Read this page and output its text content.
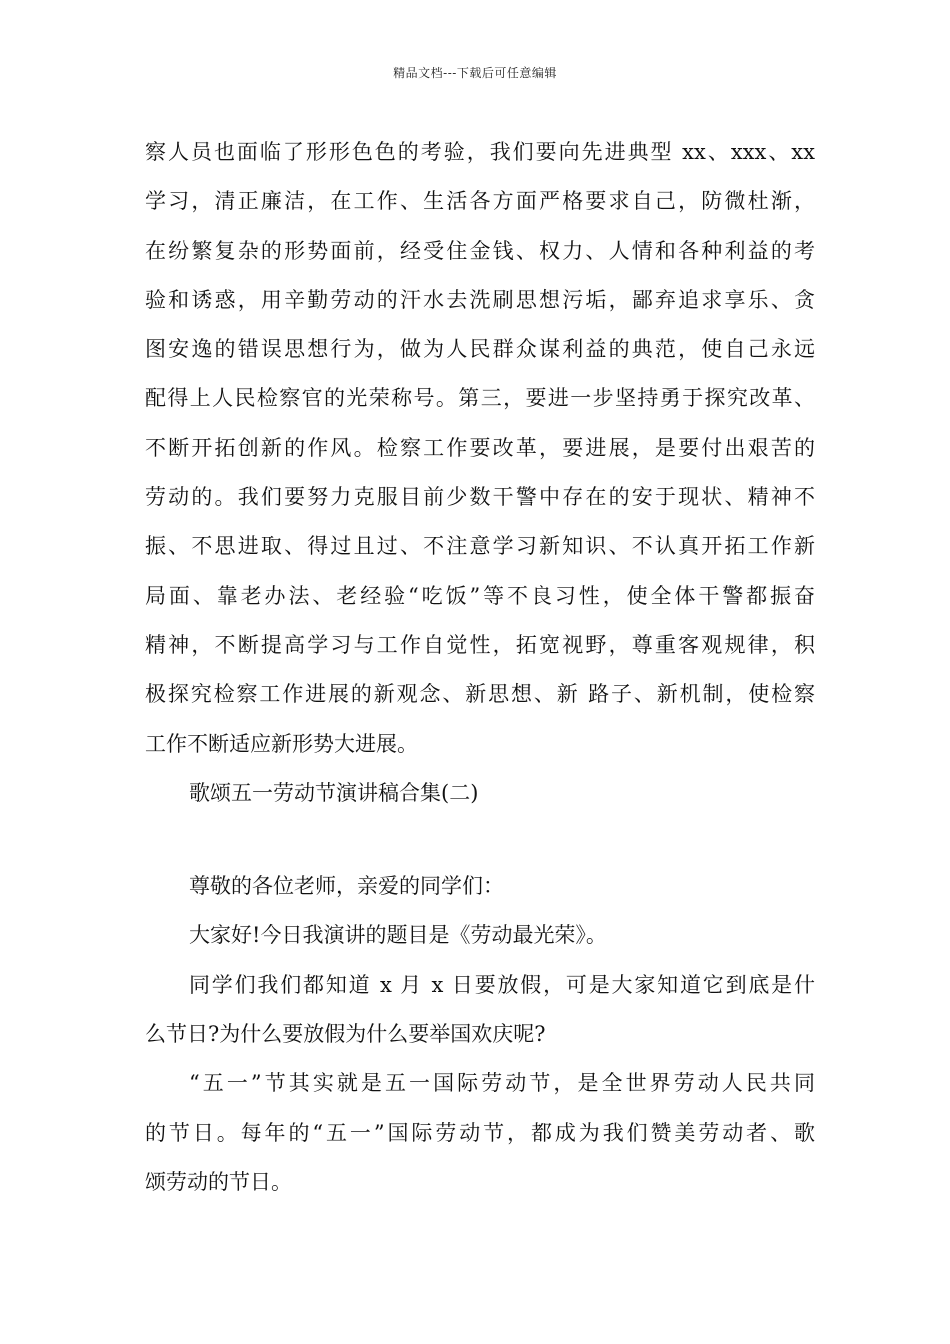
精品文档---下载后可任意编辑
察人员也面临了形形色色的考验，我们要向先进典型 xx、xxx、xx
学习，清正廉洁，在工作、生活各方面严格要求自己，防微杜渐，
在纷繁复杂的形势面前，经受住金钱、权力、人情和各种利益的考
验和诱惑，用辛勤劳动的汗水去洗刷思想污垢，鄙弃追求享乐、贪
图安逸的错误思想行为，做为人民群众谋利益的典范，使自己永远
配得上人民检察官的光荣称号。第三，要进一步坚持勇于探究改革、
不断开拓创新的作风。检察工作要改革，要进展，是要付出艰苦的
劳动的。我们要努力克服目前少数干警中存在的安于现状、精神不
振、不思进取、得过且过、不注意学习新知识、不认真开拓工作新
局面、靠老办法、老经验“吃饭”等不良习性，使全体干警都振奋
精神，不断提高学习与工作自觉性，拓宽视野，尊重客观规律，积
极探究检察工作进展的新观念、新思想、新 路子、新机制，使检察
工作不断适应新形势大进展。
歌颂五一劳动节演讲稿合集(二)
尊敬的各位老师，亲爱的同学们：
大家好!今日我演讲的题目是《劳动最光荣》。
同学们我们都知道 x 月 x 日要放假，可是大家知道它到底是什
么节日?为什么要放假为什么要举国欢庆呢?
“五一”节其实就是五一国际劳动节，是全世界劳动人民共同
的节日。每年的“五一”国际劳动节，都成为我们赞美劳动者、歌
颂劳动的节日。
